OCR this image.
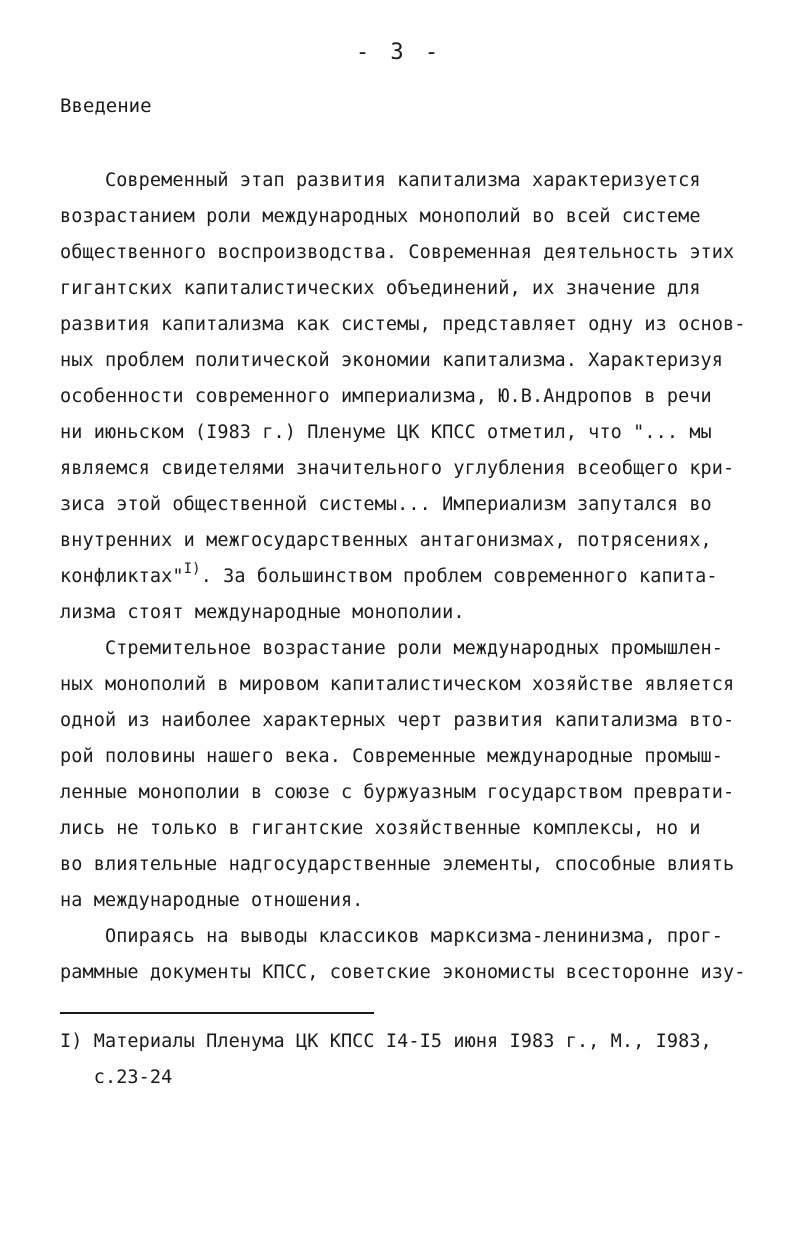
- 3 -
Введение
Современный этап развития капитализма характеризуется
возрастанием роли международных монополий во всей системе
общественного воспроизводства. Современная деятельность этих
гигантских капиталистических объединений, их значение для
развития капитализма как системы, представляет одну из основ-
ных проблем политической экономии капитализма. Характеризуя
особенности современного империализма, Ю.В.Андропов в речи
ни июньском (I983 г.) Пленуме ЦК КПСС отметил, что "... мы
являемся свидетелями значительного углубления всеобщего кри-
зиса этой общественной системы... Империализм запутался во
внутренних и межгосударственных антагонизмах, потрясениях,
конфликтах"$^{I)}$. За большинством проблем современного капита-
лизма стоят международные монополии.
Стремительное возрастание роли международных промышлен-
ных монополий в мировом капиталистическом хозяйстве является
одной из наиболее характерных черт развития капитализма вто-
рой половины нашего века. Современные международные промыш-
ленные монополии в союзе с буржуазным государством преврати-
лись не только в гигантские хозяйственные комплексы, но и
во влиятельные надгосударственные элементы, способные влиять
на международные отношения.
Опираясь на выводы классиков марксизма-ленинизма, прог-
раммные документы КПСС, советские экономисты всесторонне изу-
I) Материалы Пленума ЦК КПСС I4-I5 июня I983 г., М., I983,
с.23-24
